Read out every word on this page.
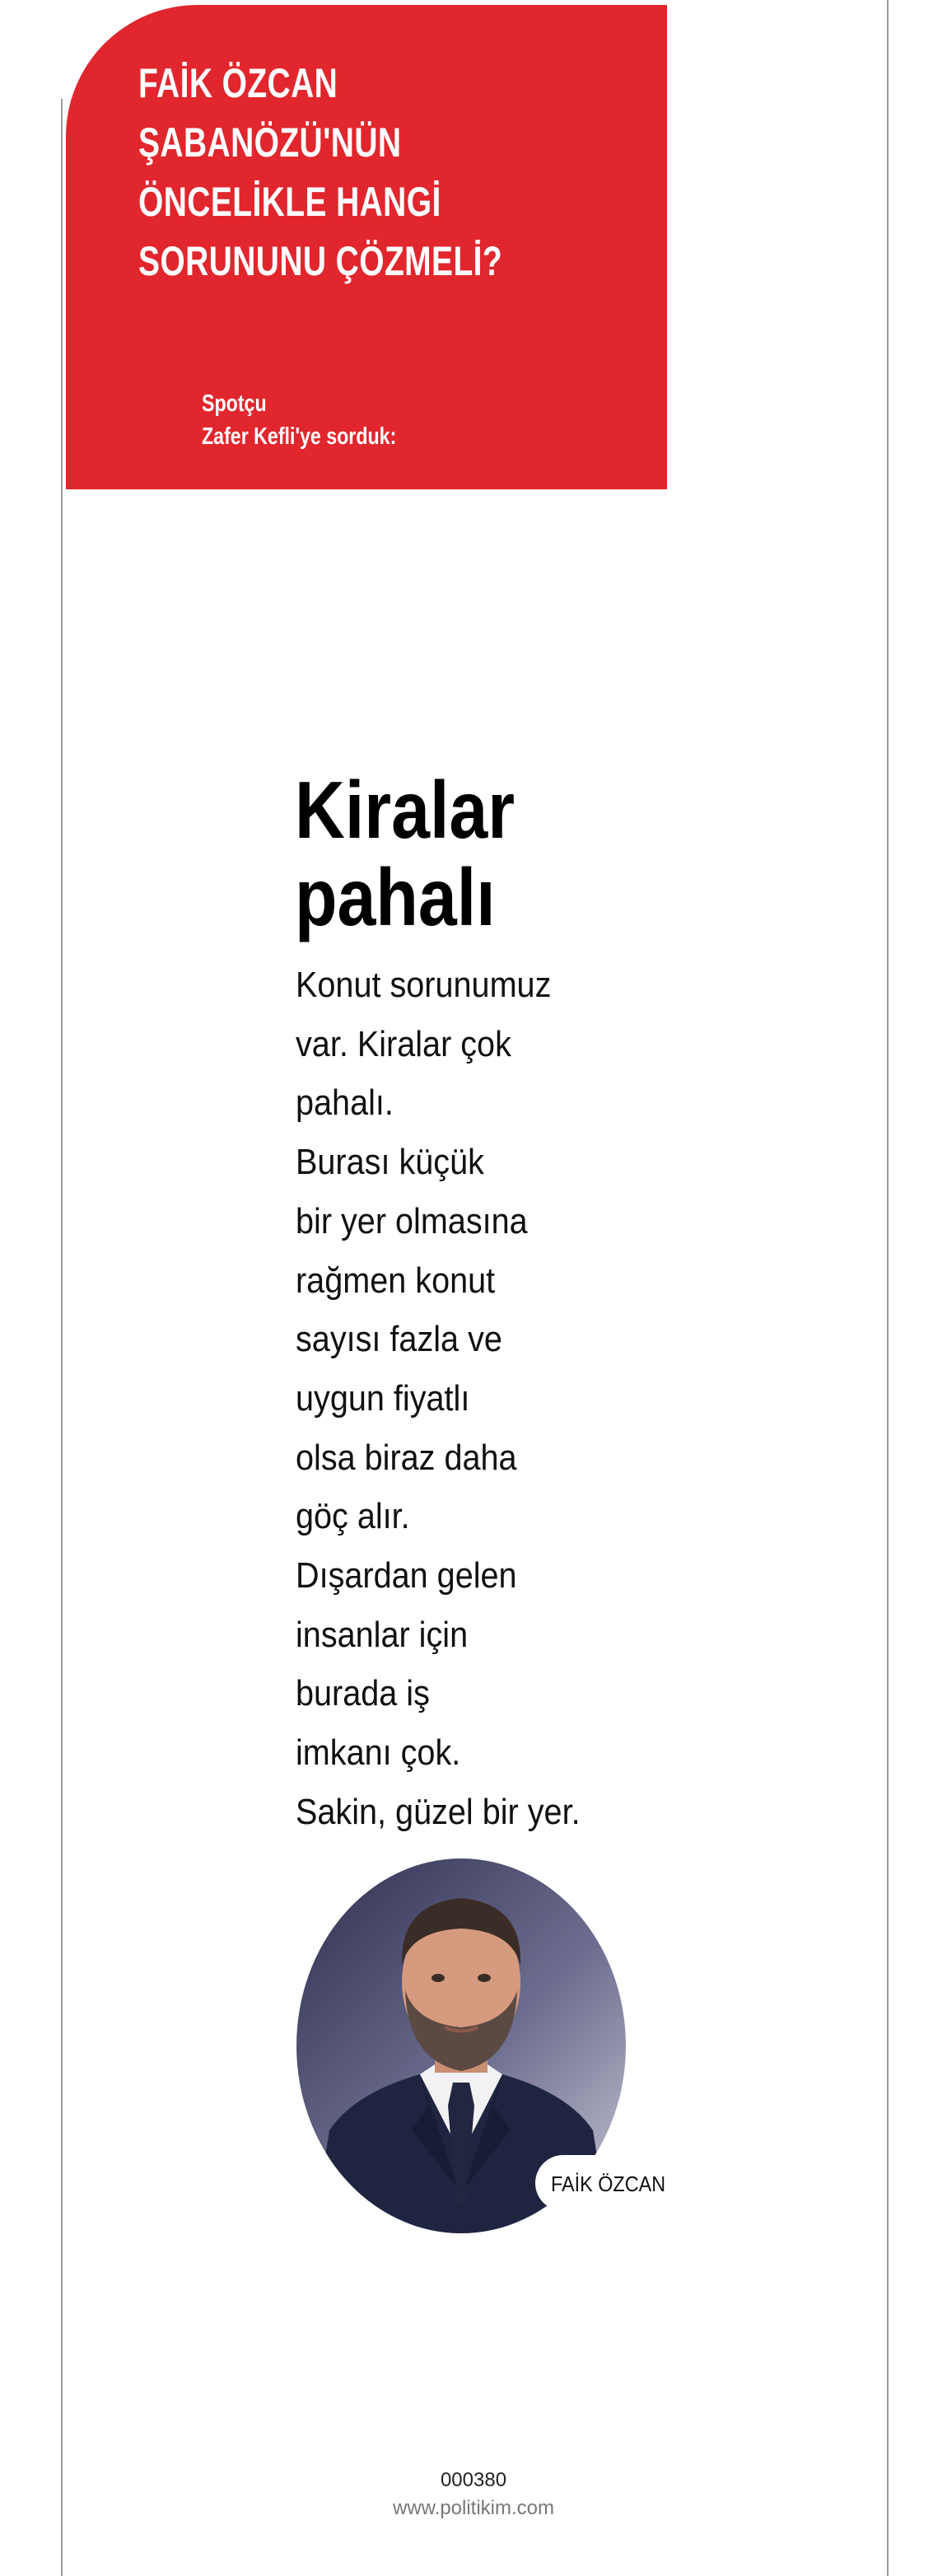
FAİK ÖZCAN
ŞABANÖZÜ'NÜN
ÖNCELİKLE HANGİ
SORUNUNU ÇÖZMELİ?
Spotçu
Zafer Kefli'ye sorduk:
Kiralar
pahalı
Konut sorunumuz
var. Kiralar çok
pahalı.
Burası küçük
bir yer olmasına
rağmen konut
sayısı fazla ve
uygun fiyatlı
olsa biraz daha
göç alır.
Dışardan gelen
insanlar için
burada iş
imkanı çok.
Sakin, güzel bir yer.
FAİK ÖZCAN
000380
www.politikim.com
